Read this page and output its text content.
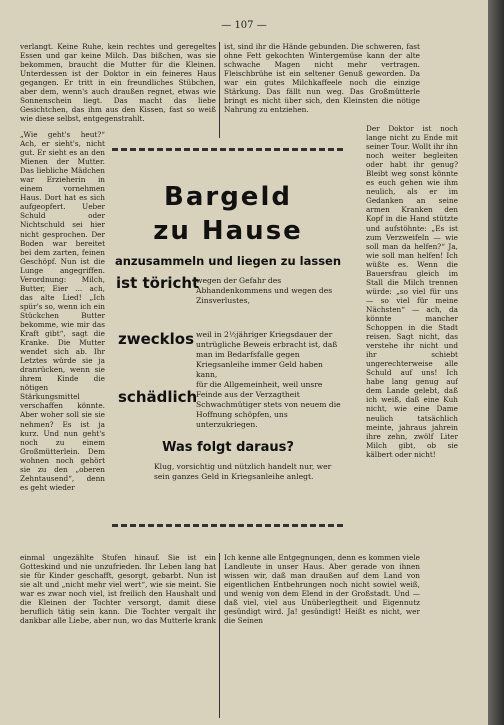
— 107 —

verlangt. Keine Ruhe, kein rechtes und geregeltes Essen und gar keine Milch. Das bißchen, was sie bekommen, braucht die Mutter für die Kleinen. Unterdessen ist der Doktor in ein feineres Haus gegangen. Er tritt in ein freundliches Stübchen, aber dem, wenn's auch draußen regnet, etwas wie Sonnenschein liegt. Das macht das liebe Gesichtchen, das ihm aus den Kissen, fast so weiß wie diese selbst, entgegenstrahlt.

ist, sind ihr die Hände gebunden. Die schweren, fast ohne Fett gekochten Wintergemüse kann der alte schwache Magen nicht mehr vertragen. Fleischbrühe ist ein seltener Genuß geworden. Da war ein gutes Milchkaffeele noch die einzige Stärkung. Das fällt nun weg. Das Großmütterle bringt es nicht über sich, den Kleinsten die nötige Nahrung zu entziehen.

„Wie geht's heut?“ Ach, er sieht's, nicht gut. Er sieht es an den Mienen der Mutter. Das liebliche Mädchen war Erzieherin in einem vornehmen Haus. Dort hat es sich aufgeopfert. Ueber Schuld oder Nichtschuld sei hier nicht gesprochen. Der Boden war bereitet bei dem zarten, feinen Geschöpf. Nun ist die Lunge angegriffen. Verordnung: Milch, Butter, Eier ... ach, das alte Lied! „Ich spür's so, wenn ich ein Stückchen Butter bekomme, wie mir das Kraft gibt“, sagt die Kranke. Die Mutter wendet sich ab. Ihr Letztes würde sie ja dranrücken, wenn sie ihrem Kinde die nötigen Stärkungsmittel verschaffen könnte. Aber woher soll sie sie nehmen? Es ist ja kurz. Und nun geht's noch zu einem Großmütterlein. Dem wohnen noch gehört sie zu den „oberen Zehntausend“, denn es geht wieder

Der Doktor ist noch lange nicht zu Ende mit seiner Tour. Wollt ihr ihn noch weiter begleiten oder habt ihr genug? Bleibt weg sonst könnte es euch gehen wie ihm neulich, als er im Gedanken an seine armen Kranken den Kopf in die Hand stützte und aufstöhnte: „Es ist zum Verzweifeln — wie soll man da helfen?“ Ja, wie soll man helfen! Ich wüßte es. Wenn die Bauersfrau gleich im Stall die Milch trennen würde: „so viel für uns — so viel für meine Nächsten“ — ach, da könnte mancher Schoppen in die Stadt reisen. Sagt nicht, das verstehe ihr nicht und ihr schiebt ungerechterweise alle Schuld auf uns! Ich habe lang genug auf dem Lande gelebt, daß ich weiß, daß eine Kuh nicht, wie eine Dame neulich tatsächlich meinte, jahraus jahrein ihre zehn, zwölf Liter Milch gibt, ob sie kälbert oder nicht!

einmal ungezählte Stufen hinauf. Sie ist ein Gotteskind und nie unzufrieden. Ihr Leben lang hat sie für Kinder geschafft, gesorgt, gebarbt. Nun ist sie alt und „nicht mehr viel wert“, wie sie meint. Sie war es zwar noch viel, ist freilich den Haushalt und die Kleinen der Tochter versorgt, damit diese beruflich tätig sein kann. Die Tochter vergalt ihr dankbar alle Liebe, aber nun, wo das Mutterle krank

Ich kenne alle Entgegnungen, denn es kommen viele Landleute in unser Haus. Aber gerade von ihnen wissen wir, daß man draußen auf dem Land von eigentlichen Entbehrungen noch nicht sowiel weiß, und wenig von dem Elend in der Großstadt. Und — daß viel, viel aus Unüberlegtheit und Eigennutz gesündigt wird. Ja! gesündigt! Heißt es nicht, wer die Seinen

Bargeld
zu Hause
anzusammeln und liegen zu lassen
ist töricht
wegen der Gefahr des Abhandenkommens und wegen des Zinsverlustes,
zwecklos weil in 2½jähriger Kriegsdauer der untrügliche Beweis erbracht ist, daß man im Bedarfsfalle gegen Kriegsanleihe immer Geld haben kann,
schädlich
für die Allgemeinheit, weil unsre Feinde aus der Verzagtheit Schwachmütiger stets von neuem die Hoffnung schöpfen, uns unterzukriegen.
Was folgt daraus?
Klug, vorsichtig und nützlich handelt nur, wer sein ganzes Geld in Kriegsanleihe anlegt.
